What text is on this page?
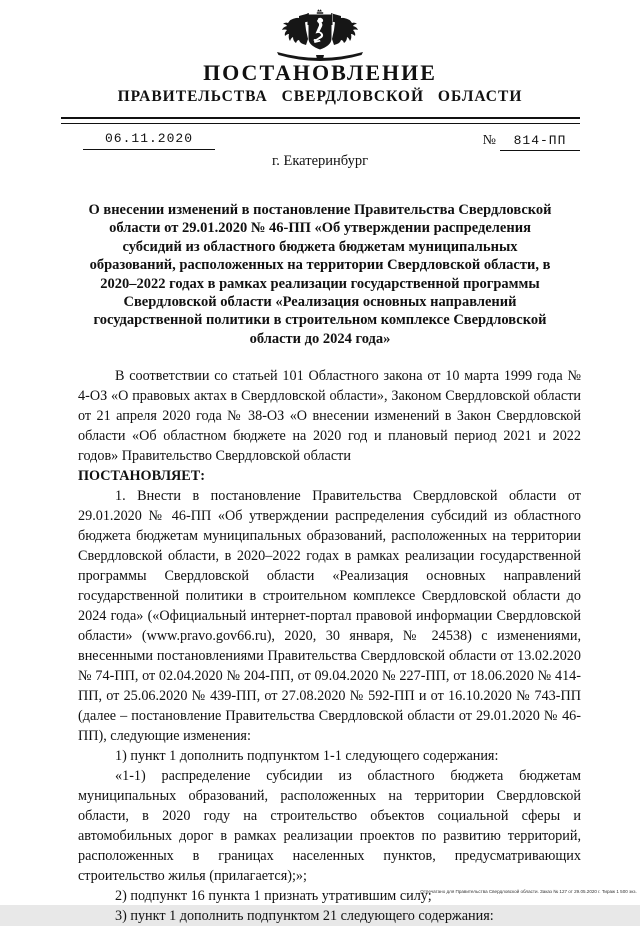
ПОСТАНОВЛЕНИЕ
ПРАВИТЕЛЬСТВА СВЕРДЛОВСКОЙ ОБЛАСТИ
06.11.2020	№ 814-ПП
г. Екатеринбург
О внесении изменений в постановление Правительства Свердловской области от 29.01.2020 № 46-ПП «Об утверждении распределения субсидий из областного бюджета бюджетам муниципальных образований, расположенных на территории Свердловской области, в 2020–2022 годах в рамках реализации государственной программы Свердловской области «Реализация основных направлений государственной политики в строительном комплексе Свердловской области до 2024 года»

В соответствии со статьей 101 Областного закона от 10 марта 1999 года № 4-ОЗ «О правовых актах в Свердловской области», Законом Свердловской области от 21 апреля 2020 года № 38-ОЗ «О внесении изменений в Закон Свердловской области «Об областном бюджете на 2020 год и плановый период 2021 и 2022 годов» Правительство Свердловской области

ПОСТАНОВЛЯЕТ:

1. Внести в постановление Правительства Свердловской области от 29.01.2020 № 46-ПП «Об утверждении распределения субсидий из областного бюджета бюджетам муниципальных образований, расположенных на территории Свердловской области, в 2020–2022 годах в рамках реализации государственной программы Свердловской области «Реализация основных направлений государственной политики в строительном комплексе Свердловской области до 2024 года» («Официальный интернет-портал правовой информации Свердловской области» (www.pravo.gov66.ru), 2020, 30 января, № 24538) с изменениями, внесенными постановлениями Правительства Свердловской области от 13.02.2020 № 74-ПП, от 02.04.2020 № 204-ПП, от 09.04.2020 № 227-ПП, от 18.06.2020 № 414-ПП, от 25.06.2020 № 439-ПП, от 27.08.2020 № 592-ПП и от 16.10.2020 № 743-ПП (далее – постановление Правительства Свердловской области от 29.01.2020 № 46-ПП), следующие изменения:

1) пункт 1 дополнить подпунктом 1-1 следующего содержания:

«1-1) распределение субсидии из областного бюджета бюджетам муниципальных образований, расположенных на территории Свердловской области, в 2020 году на строительство объектов социальной сферы и автомобильных дорог в рамках реализации проектов по развитию территорий, расположенных в границах населенных пунктов, предусматривающих строительство жилья (прилагается);»;

2) подпункт 16 пункта 1 признать утратившим силу;

3) пункт 1 дополнить подпунктом 21 следующего содержания:

Отпечатано для Правительства Свердловской области. Заказ № 127 от 29.05.2020 г. Тираж 1 500 экз.
